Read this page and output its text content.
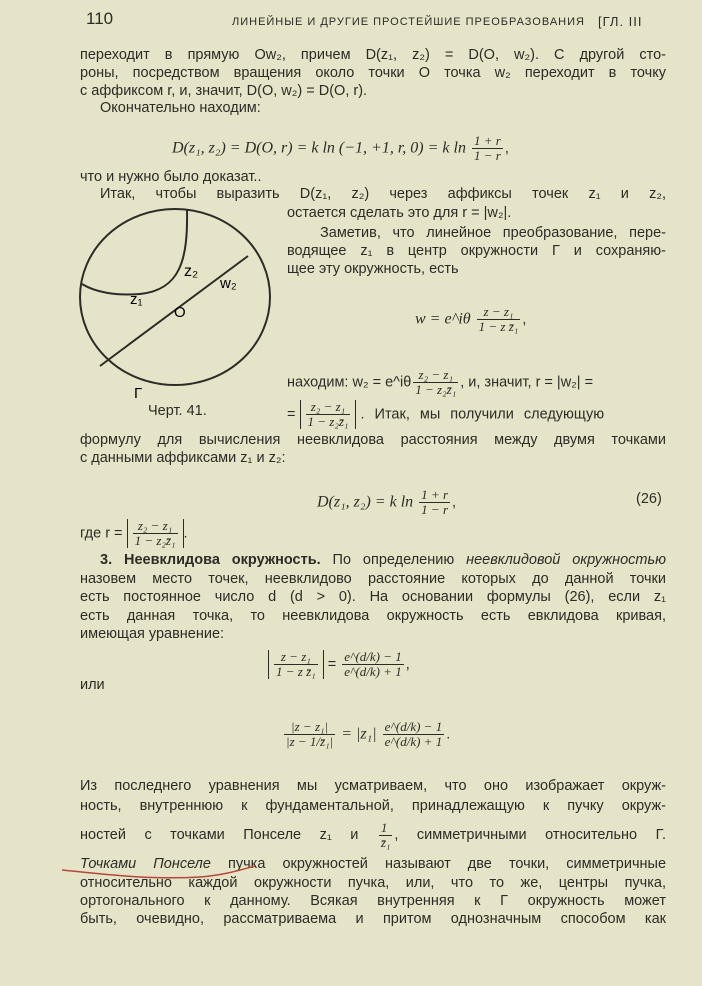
110	ЛИНЕЙНЫЕ И ДРУГИЕ ПРОСТЕЙШИЕ ПРЕОБРАЗОВАНИЯ [ГЛ. III
переходит в прямую Ow₂, причем D(z₁, z₂) = D(O, w₂). С другой сто-
роны, посредством вращения около точки O точка w₂ переходит в точку
с аффиксом r, и, значит, D(O, w₂) = D(O, r).
Окончательно находим:
D(z₁, z₂) = D(O, r) = k ln (−1, +1, r, 0) = k $\ln \frac{1 + r}{1 - r}$ ,
что и нужно было доказат..
Итак, чтобы выразить D(z₁, z₂) через аффиксы точек z₁ и z₂,
остается сделать это для r = |w₂|.
Заметив, что линейное преобразование, пере-
водящее z₁ в центр окружности Γ и сохраняю-
щее эту окружность, есть
w = e^iθ $\frac{\text{z − z₁}}{\text{1 − z z̄₁}}$ ,
находим: w₂ = e^iθ $\frac{\text{z₂ − z₁}}{\text{1 − z₂z̄₁}}$ , и, значит, r = |w₂| =
= $\frac{\text{z₂ − z₁}}{\text{1 − z₂z̄₁}}$ . Итак, мы получили следующую
z₂
w₂
z₁
O
Γ
Черт. 41.
формулу для вычисления неевклидова расстояния между двумя точками
с данными аффиксами z₁ и z₂:
D(z₁, z₂) = k $\ln \frac{1 + r}{1 - r}$ ,	(26)
где $r = \frac{\text{z₂ − z₁}}{\text{1 − z₂z̄₁}}$ .
3. Неевклидова окружность. По определению неевклидовой окружностью
назовем место точек, неевклидово расстояние которых до данной точки
есть постоянное число d (d > 0). На основании формулы (26), если z₁
есть данная точка, то неевклидова окружность есть евклидова кривая,
имеющая уравнение:
$\frac{\text{z − z₁}}{\text{1 − z z̄₁}} = \frac{e\^{}(d/k) - 1}{e\^{}(d/k) + 1}$ ,
или
$\frac{\text{|z − z₁|}}{\text{|z − 1/z̄₁|}} = |z_1| \frac{e\^{}(d/k) - 1}{e\^{}(d/k) + 1}$ .
Из последнего уравнения мы усматриваем, что оно изображает окруж-
ность, внутреннюю к фундаментальной, принадлежащую к пучку окруж-
ностей с точками Понселе z₁ и $\frac{1}{\text{z̄₁}}$ , симметричными относительно Γ.
Точками Понселе пучка окружностей называют две точки, симметричные
относительно каждой окружности пучка, или, что то же, центры пучка,
ортогонального к данному. Всякая внутренняя к Γ окружность может
быть, очевидно, рассматриваема и притом однозначным способом как
